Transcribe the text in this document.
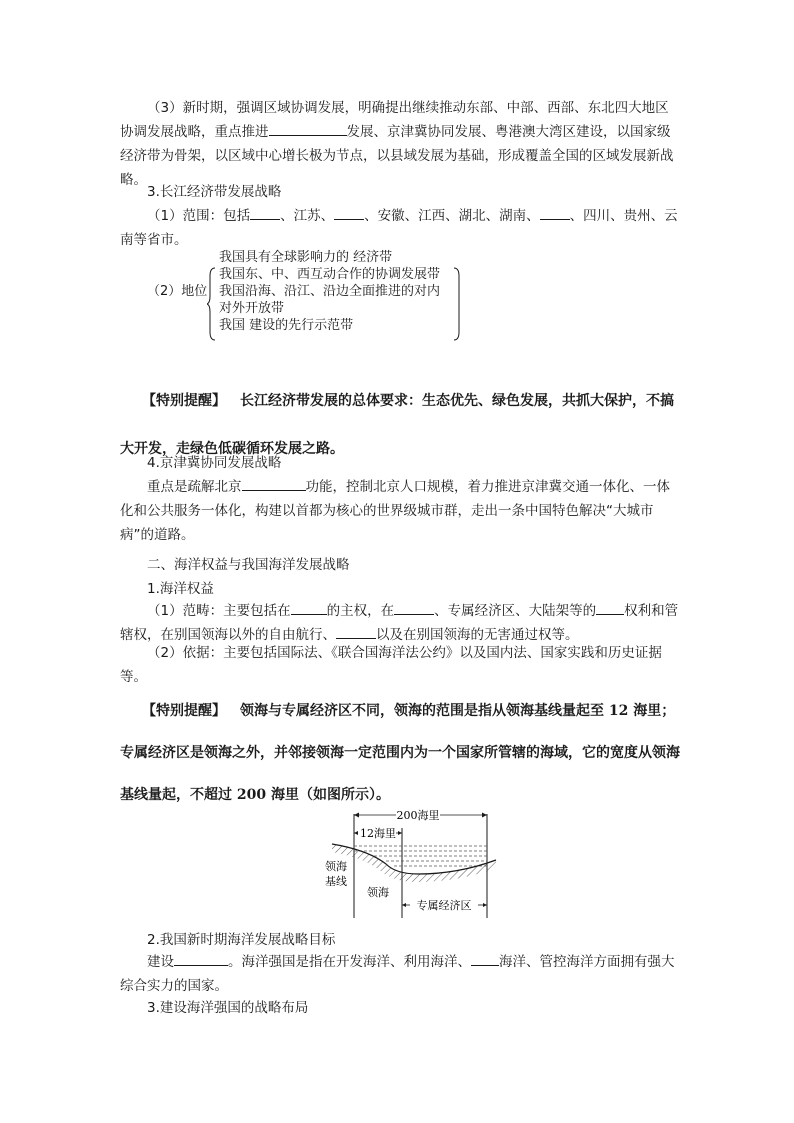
（3）新时期，强调区域协调发展，明确提出继续推动东部、中部、西部、东北四大地区协调发展战略，重点推进	发展、京津冀协同发展、粤港澳大湾区建设，以国家级经济带为骨架，以区域中心增长极为节点，以县域发展为基础，形成覆盖全国的区域发展新战略。

3.长江经济带发展战略

（1）范围：包括 、江苏、 、安徽、江西、湖北、湖南、 、四川、贵州、云南等省市。

（2）地位
我国具有全球影响力的 经济带
我国东、中、西互动合作的协调发展带
我国沿海、沿江、沿边全面推进的对内
对外开放带
我国 建设的先行示范带

【特别提醒】 长江经济带发展的总体要求：生态优先、绿色发展，共抓大保护，不搞大开发，走绿色低碳循环发展之路。

4.京津冀协同发展战略

重点是疏解北京	功能，控制北京人口规模，着力推进京津冀交通一体化、一体化和公共服务一体化，构建以首都为核心的世界级城市群，走出一条中国特色解决“大城市病”的道路。

二、海洋权益与我国海洋发展战略

1.海洋权益

（1）范畴：主要包括在	的主权，在	、专属经济区、大陆架等的 权利和管辖权，在别国领海以外的自由航行、	以及在别国领海的无害通过权等。

（2）依据：主要包括国际法、《联合国海洋法公约》以及国内法、国家实践和历史证据等。

【特别提醒】 领海与专属经济区不同，领海的范围是指从领海基线量起至 12 海里；专属经济区是领海之外，并邻接领海一定范围内为一个国家所管辖的海域，它的宽度从领海基线量起，不超过 200 海里（如图所示）。

200海里
12海里
领海
基线
领海
专属经济区

2.我国新时期海洋发展战略目标

建设	。海洋强国是指在开发海洋、利用海洋、 海洋、管控海洋方面拥有强大综合实力的国家。

3.建设海洋强国的战略布局
